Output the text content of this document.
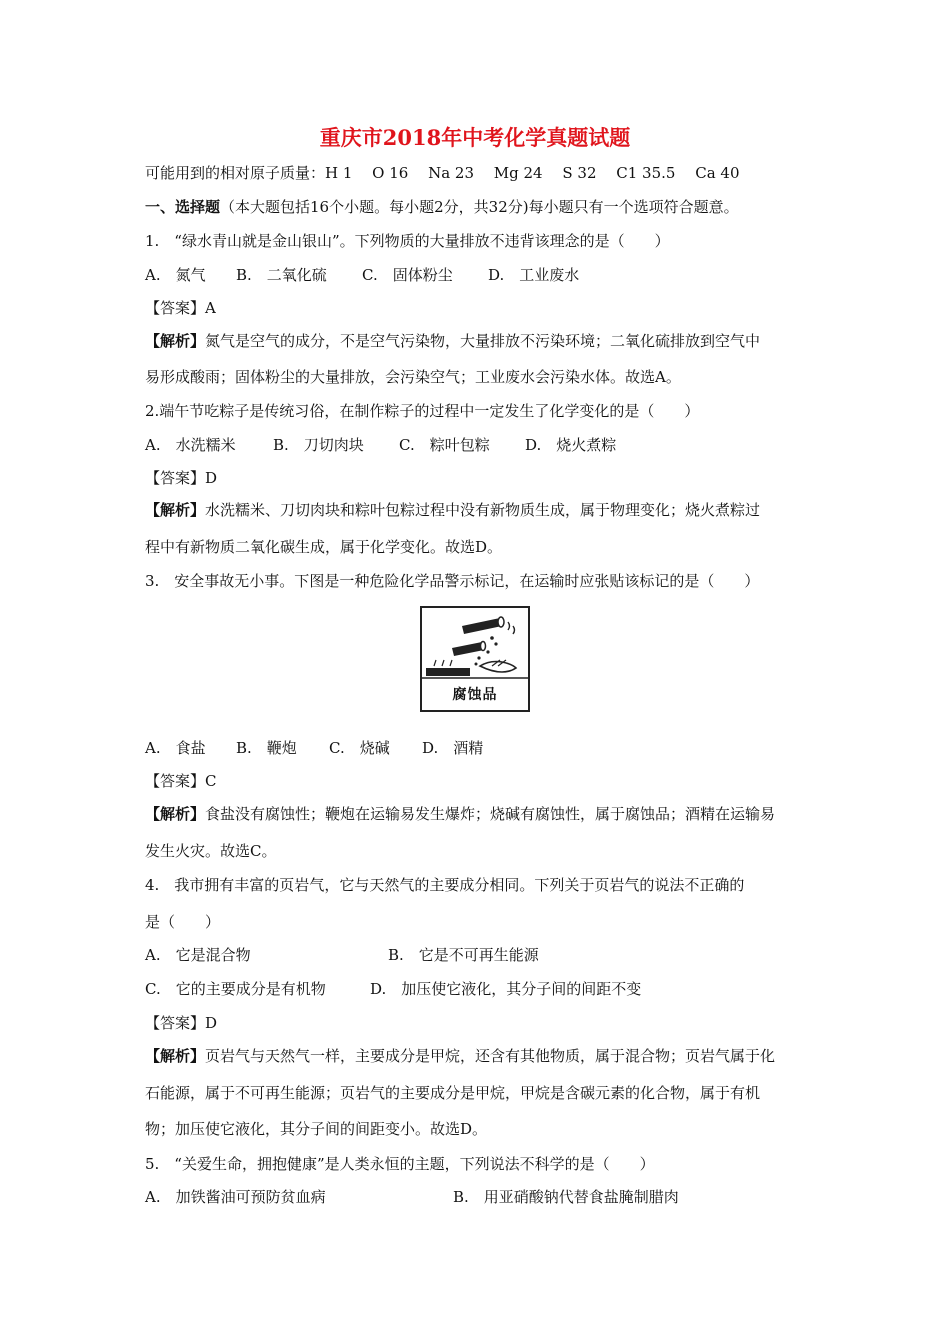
重庆市2018年中考化学真题试题
可能用到的相对原子质量：H 1　 O 16　 Na 23　 Mg 24　 S 32　 C1 35.5　 Ca 40
一、选择题（本大题包括16个小题。每小题2分，共32分)每小题只有一个选项符合题意。
1.　“绿水青山就是金山银山”。下列物质的大量排放不违背该理念的是（　　）
A.　氮气 B.　二氧化硫 C.　固体粉尘 D.　工业废水
【答案】A
【解析】氮气是空气的成分，不是空气污染物，大量排放不污染环境；二氧化硫排放到空气中
易形成酸雨；固体粉尘的大量排放，会污染空气；工业废水会污染水体。故选A。
2.端午节吃粽子是传统习俗，在制作粽子的过程中一定发生了化学变化的是（　　）
A.　水洗糯米 B.　刀切肉块 C.　粽叶包粽 D.　烧火煮粽
【答案】D
【解析】水洗糯米、刀切肉块和粽叶包粽过程中没有新物质生成，属于物理变化；烧火煮粽过
程中有新物质二氧化碳生成，属于化学变化。故选D。
3.　安全事故无小事。下图是一种危险化学品警示标记，在运输时应张贴该标记的是（　　）
腐蚀品
A.　食盐 B.　鞭炮 C.　烧碱 D.　酒精
【答案】C
【解析】食盐没有腐蚀性；鞭炮在运输易发生爆炸；烧碱有腐蚀性，属于腐蚀品；酒精在运输易
发生火灾。故选C。
4.　我市拥有丰富的页岩气，它与天然气的主要成分相同。下列关于页岩气的说法不正确的
是（　　）
A.　它是混合物	B.　它是不可再生能源
C.　它的主要成分是有机物	D.　加压使它液化，其分子间的间距不变
【答案】D
【解析】页岩气与天然气一样，主要成分是甲烷，还含有其他物质，属于混合物；页岩气属于化
石能源，属于不可再生能源；页岩气的主要成分是甲烷，甲烷是含碳元素的化合物，属于有机
物；加压使它液化，其分子间的间距变小。故选D。
5.　“关爱生命，拥抱健康”是人类永恒的主题，下列说法不科学的是（　　）
A.　加铁酱油可预防贫血病	B.　用亚硝酸钠代替食盐腌制腊肉
